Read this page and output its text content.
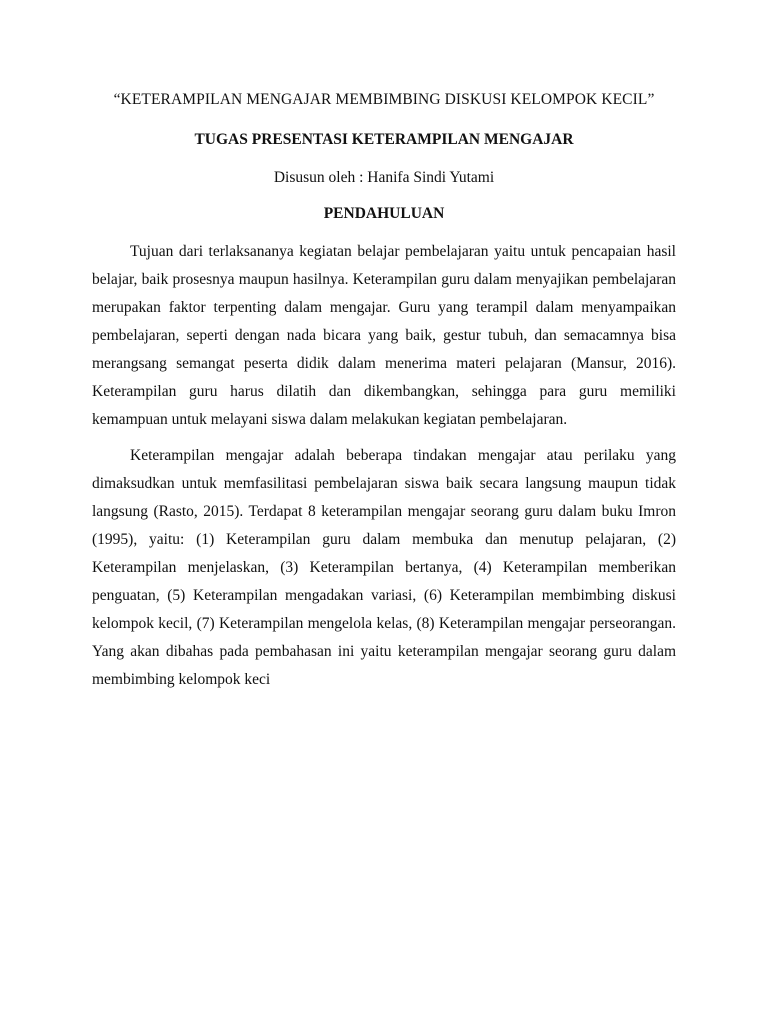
“KETERAMPILAN MENGAJAR MEMBIMBING DISKUSI KELOMPOK KECIL”

TUGAS PRESENTASI KETERAMPILAN MENGAJAR

Disusun oleh : Hanifa Sindi Yutami

PENDAHULUAN

Tujuan dari terlaksananya kegiatan belajar pembelajaran yaitu untuk pencapaian hasil belajar, baik prosesnya maupun hasilnya. Keterampilan guru dalam menyajikan pembelajaran merupakan faktor terpenting dalam mengajar. Guru yang terampil dalam menyampaikan pembelajaran, seperti dengan nada bicara yang baik, gestur tubuh, dan semacamnya bisa merangsang semangat peserta didik dalam menerima materi pelajaran (Mansur, 2016). Keterampilan guru harus dilatih dan dikembangkan, sehingga para guru memiliki kemampuan untuk melayani siswa dalam melakukan kegiatan pembelajaran.

Keterampilan mengajar adalah beberapa tindakan mengajar atau perilaku yang dimaksudkan untuk memfasilitasi pembelajaran siswa baik secara langsung maupun tidak langsung (Rasto, 2015). Terdapat 8 keterampilan mengajar seorang guru dalam buku Imron (1995), yaitu: (1) Keterampilan guru dalam membuka dan menutup pelajaran, (2) Keterampilan menjelaskan, (3) Keterampilan bertanya, (4) Keterampilan memberikan penguatan, (5) Keterampilan mengadakan variasi, (6) Keterampilan membimbing diskusi kelompok kecil, (7) Keterampilan mengelola kelas, (8) Keterampilan mengajar perseorangan. Yang akan dibahas pada pembahasan ini yaitu keterampilan mengajar seorang guru dalam membimbing kelompok keci
